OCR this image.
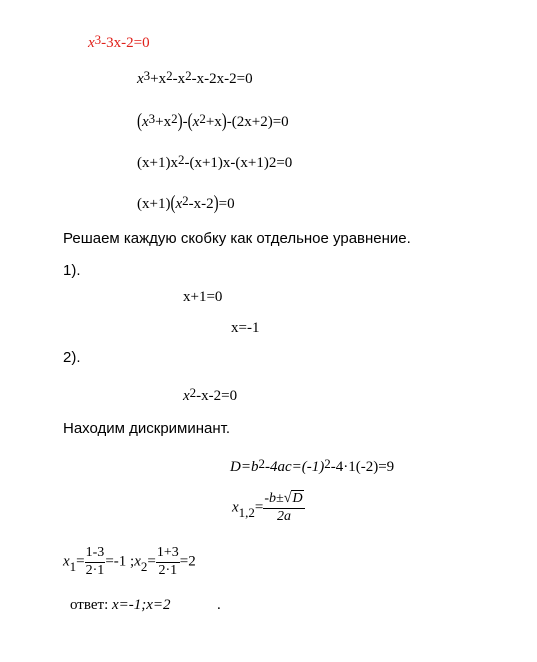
$x^3-3x-2=0$
$x^3+x^2-x^2-x-2x-2=0$
$(x^3+x^2)-(x^2+x)-(2x+2)=0$
$(x+1)x^2-(x+1)x-(x+1)2=0$
$(x+1)(x^2-x-2)=0$
Решаем каждую скобку как отдельное уравнение.
1).
x+1=0
x=-1
2).
$x^2-x-2=0$
Находим дискриминант.
$D=b^2-4ac=(-1)^2-4\cdot 1(-2)=9$
$x_{1,2}= \frac{-b\pm√D}{2a}$
$x_1= \frac{1-3}{2\cdot 1} =-1$ $;x_2= \frac{1+3}{2\cdot 1} =2$
ответ: x=-1;x=2	.
